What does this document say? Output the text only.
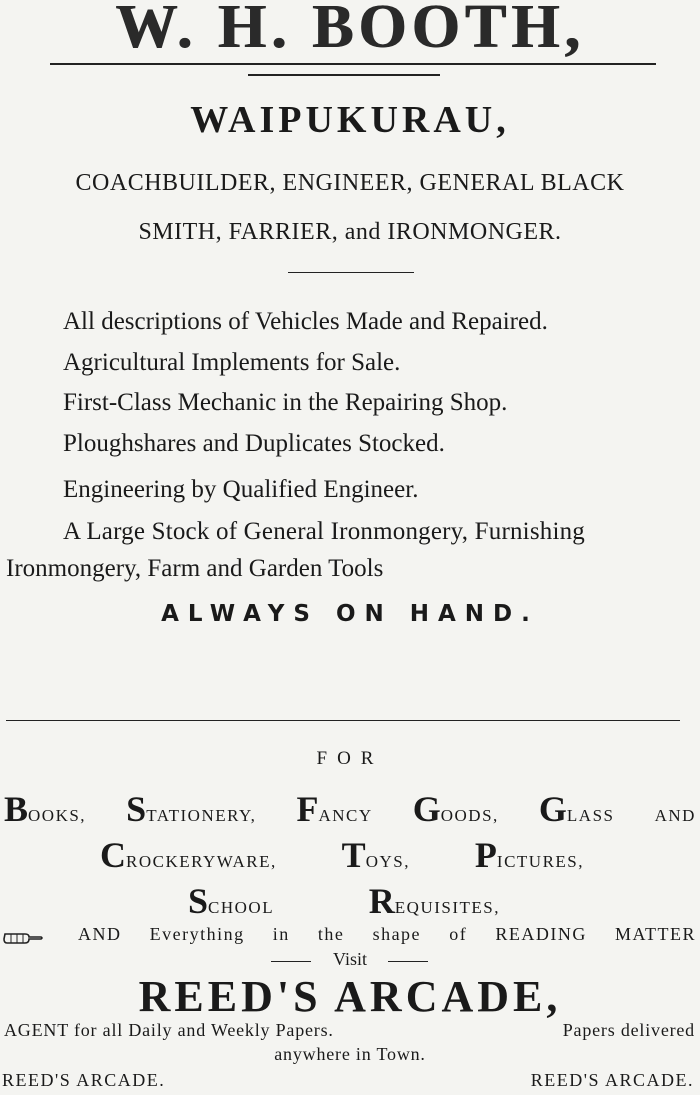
W. H. BOOTH,
WAIPUKURAU,
COACHBUILDER, ENGINEER, GENERAL BLACK
SMITH, FARRIER, and IRONMONGER.
All descriptions of Vehicles Made and Repaired.
Agricultural Implements for Sale.
First-Class Mechanic in the Repairing Shop.
Ploughshares and Duplicates Stocked.
Engineering by Qualified Engineer.
A Large Stock of General Ironmongery, Furnishing
Ironmongery, Farm and Garden Tools
ALWAYS ON HAND.
FOR
BOOKS, STATIONERY, FANCY GOODS, GLASS AND
CROCKERYWARE, TOYS, PICTURES,
SCHOOL	REQUISITES,
AND Everything in the shape of READING MATTER
Visit
REED'S ARCADE,
AGENT for all Daily and Weekly Papers.	Papers delivered
anywhere in Town.
REED'S ARCADE.	REED'S ARCADE.
